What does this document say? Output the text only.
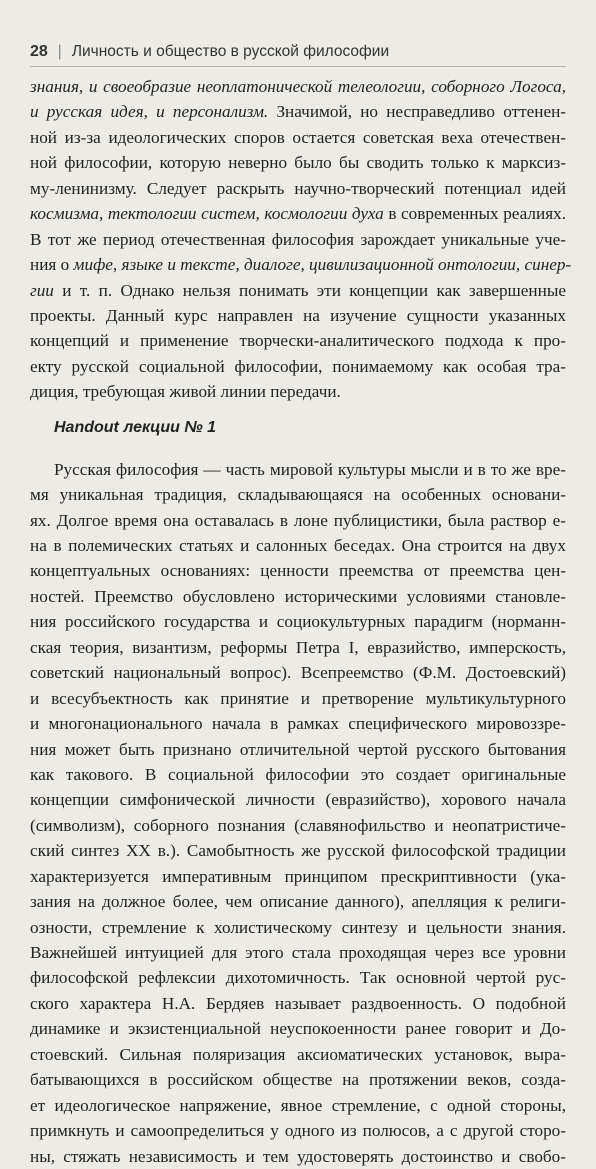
28 | Личность и общество в русской философии
знания, и своеобразие неоплатонической телеологии, соборного Логоса,
и русская идея, и персонализм. Значимой, но несправедливо оттенен-
ной из-за идеологических споров остается советская веха отечествен-
ной философии, которую неверно было бы сводить только к марксиз-
му-ленинизму. Следует раскрыть научно-творческий потенциал идей
космизма, тектологии систем, космологии духа в современных реалиях.
В тот же период отечественная философия зарождает уникальные уче-
ния о мифе, языке и тексте, диалоге, цивилизационной онтологии, синер-
гии и т. п. Однако нельзя понимать эти концепции как завершенные
проекты. Данный курс направлен на изучение сущности указанных
концепций и применение творчески-аналитического подхода к про-
екту русской социальной философии, понимаемому как особая тра-
диция, требующая живой линии передачи.
Handout лекции № 1
Русская философия — часть мировой культуры мысли и в то же вре-
мя уникальная традиция, складывающаяся на особенных основани-
ях. Долгое время она оставалась в лоне публицистики, была раствор е-
на в полемических статьях и салонных беседах. Она строится на двух
концептуальных основаниях: ценности преемства от преемства цен-
ностей. Преемство обусловлено историческими условиями становле-
ния российского государства и социокультурных парадигм (норманн-
ская теория, византизм, реформы Петра I, евразийство, имперскость,
советский национальный вопрос). Всепреемство (Ф.М. Достоевский)
и всесубъектность как принятие и претворение мультикультурного
и многонационального начала в рамках специфического мировоззре-
ния может быть признано отличительной чертой русского бытования
как такового. В социальной философии это создает оригинальные
концепции симфонической личности (евразийство), хорового начала
(символизм), соборного познания (славянофильство и неопатристиче-
ский синтез XX в.). Самобытность же русской философской традиции
характеризуется императивным принципом прескриптивности (ука-
зания на должное более, чем описание данного), апелляция к религи-
озности, стремление к холистическому синтезу и цельности знания.
Важнейшей интуицией для этого стала проходящая через все уровни
философской рефлексии дихотомичность. Так основной чертой рус-
ского характера Н.А. Бердяев называет раздвоенность. О подобной
динамике и экзистенциальной неуспокоенности ранее говорит и До-
стоевский. Сильная поляризация аксиоматических установок, выра-
батывающихся в российском обществе на протяжении веков, созда-
ет идеологическое напряжение, явное стремление, с одной стороны,
примкнуть и самоопределиться у одного из полюсов, а с другой сторо-
ны, стяжать независимость и тем удостоверять достоинство и свобо-
